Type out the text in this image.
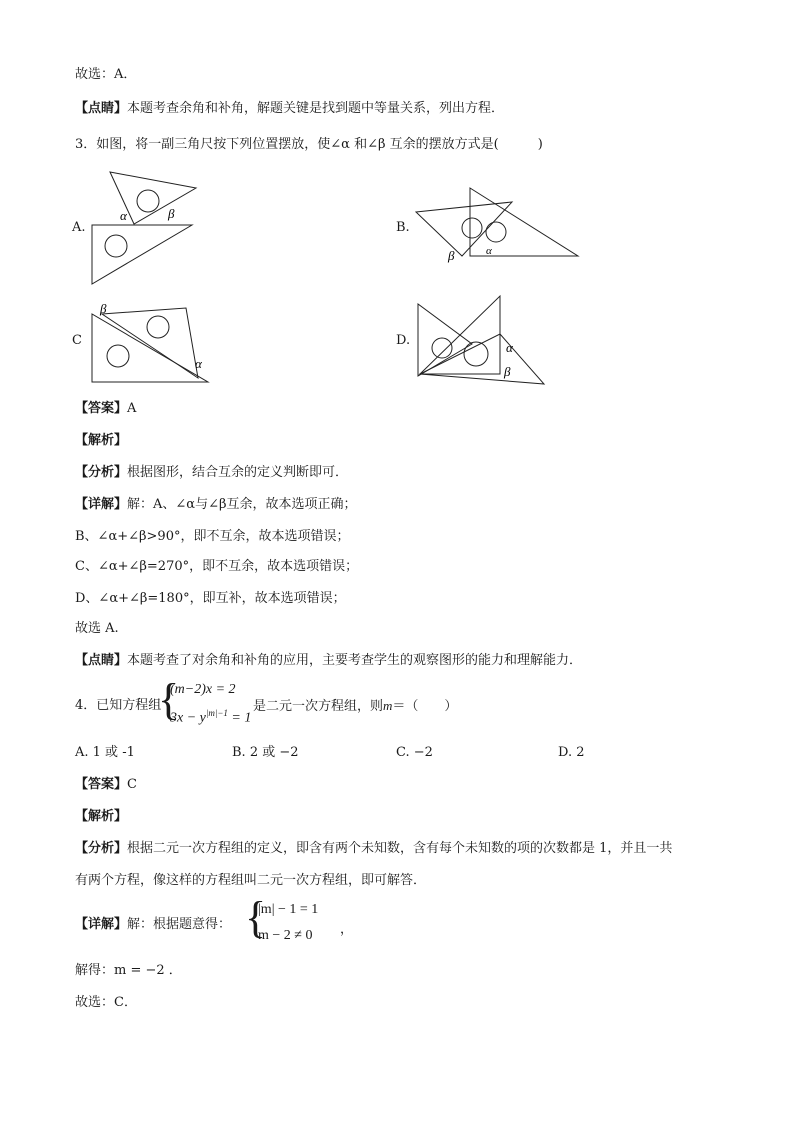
故选：A．
【点睛】本题考查余角和补角，解题关键是找到题中等量关系，列出方程．
3．如图，将一副三角尺按下列位置摆放，使∠α 和∠β 互余的摆放方式是(　　　)
A.
α	β
B.
α
β
C
β
α
D.	α
β
【答案】A
【解析】
【分析】根据图形，结合互余的定义判断即可．
【详解】解：A、∠α与∠β互余，故本选项正确；
B、∠α+∠β>90°，即不互余，故本选项错误；
C、∠α+∠β=270°，即不互余，故本选项错误；
D、∠α+∠β=180°，即互补，故本选项错误；
故选 A.
【点睛】本题考查了对余角和补角的应用，主要考查学生的观察图形的能力和理解能力．
4．已知方程组
{
(m−2)x = 2
$3x - y^{|m|-1} = 1$
是二元一次方程组，则m＝（　　）
A. 1 或 -1	B. 2 或 −2	C. −2	D. 2
【答案】C
【解析】
【分析】根据二元一次方程组的定义，即含有两个未知数，含有每个未知数的项的次数都是 1，并且一共
有两个方程，像这样的方程组叫二元一次方程组，即可解答．
【详解】解：根据题意得： {
|m| − 1 = 1
m − 2 ≠ 0 ，
解得：m = −2 ．
故选：C．
